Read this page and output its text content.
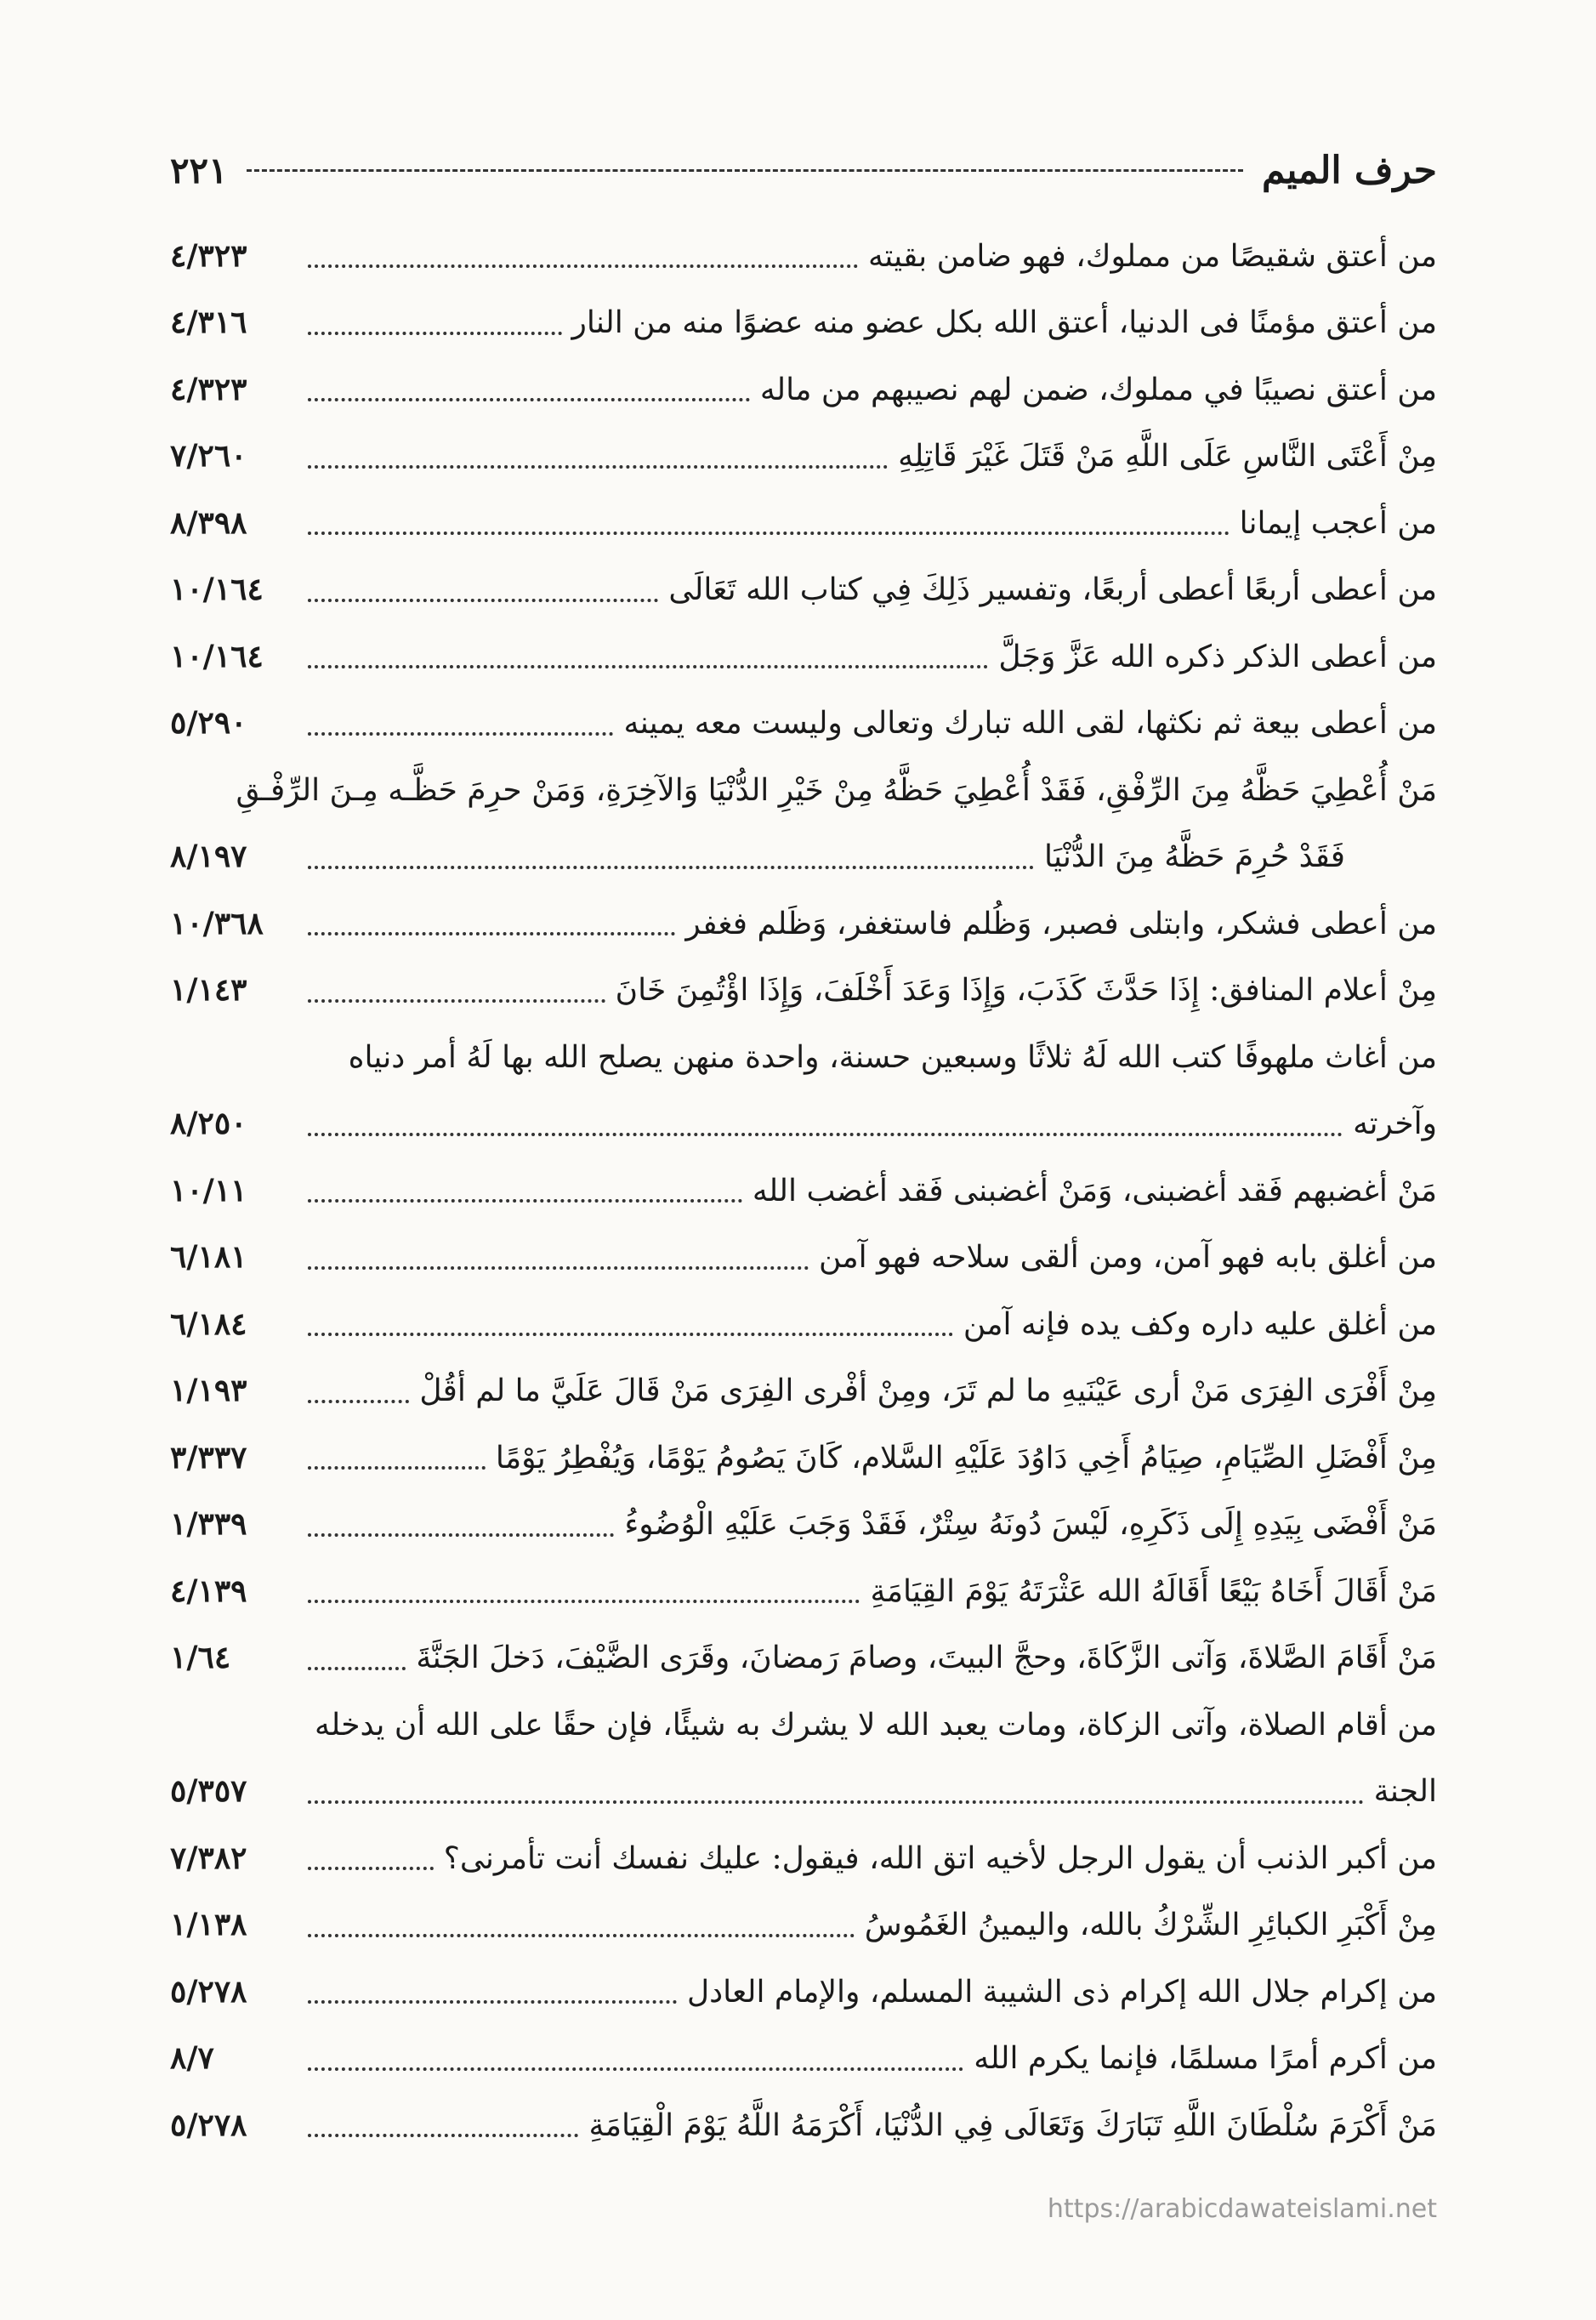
حرف الميم
٢٢١
من أعتق شقيصًا من مملوك، فهو ضامن بقيته
٤/٣٢٣
من أعتق مؤمنًا فى الدنيا، أعتق الله بكل عضو منه عضوًا منه من النار
٤/٣١٦
من أعتق نصيبًا في مملوك، ضمن لهم نصيبهم من ماله
٤/٣٢٣
مِنْ أَعْتَى النَّاسِ عَلَى اللَّهِ مَنْ قَتَلَ غَيْرَ قَاتِلِهِ
٧/٢٦٠
من أعجب إيمانا
٨/٣٩٨
من أعطى أربعًا أعطى أربعًا، وتفسير ذَلِكَ فِي كتاب الله تَعَالَى
١٠/١٦٤
من أعطى الذكر ذكره الله عَزَّ وَجَلَّ
١٠/١٦٤
من أعطى بيعة ثم نكثها، لقى الله تبارك وتعالى وليست معه يمينه
٥/٢٩٠
مَنْ أُعْطِيَ حَظَّهُ مِنَ الرِّفْقِ، فَقَدْ أُعْطِيَ حَظَّهُ مِنْ خَيْرِ الدُّنْيَا وَالآخِرَةِ، وَمَنْ حرِمَ حَظَّـه مِـنَ الرِّفْـقِ
فَقَدْ حُرِمَ حَظَّهُ مِنَ الدُّنْيَا
٨/١٩٧
من أعطى فشكر، وابتلى فصبر، وَظُلم فاستغفر، وَظَلم فغفر
١٠/٣٦٨
مِنْ أعلام المنافق: إِذَا حَدَّثَ كَذَبَ، وَإِذَا وَعَدَ أَخْلَفَ، وَإِذَا اؤْتُمِنَ خَانَ
١/١٤٣
من أغاث ملهوفًا كتب الله لَهُ ثلاثًا وسبعين حسنة، واحدة منهن يصلح الله بها لَهُ أمر دنياه
وآخرته
٨/٢٥٠
مَنْ أغضبهم فَقد أغضبنى، وَمَنْ أغضبنى فَقد أغضب الله
١٠/١١
من أغلق بابه فهو آمن، ومن ألقى سلاحه فهو آمن
٦/١٨١
من أغلق عليه داره وكف يده فإنه آمن
٦/١٨٤
مِنْ أَفْرَى الفِرَى مَنْ أرى عَيْنَيهِ ما لم تَرَ، ومِنْ أفْرى الفِرَى مَنْ قَالَ عَلَيَّ ما لم أقُلْ
١/١٩٣
مِنْ أَفْضَلِ الصِّيَامِ، صِيَامُ أَخِي دَاوُدَ عَلَيْهِ السَّلام، كَانَ يَصُومُ يَوْمًا، وَيُفْطِرُ يَوْمًا
٣/٣٣٧
مَنْ أَفْضَى بِيَدِهِ إِلَى ذَكَرِهِ، لَيْسَ دُونَهُ سِتْرٌ، فَقَدْ وَجَبَ عَلَيْهِ الْوُضُوءُ
١/٣٣٩
مَنْ أَقَالَ أَخَاهُ بَيْعًا أَقَالَهُ الله عَثْرَتَهُ يَوْمَ القِيَامَةِ
٤/١٣٩
مَنْ أَقَامَ الصَّلاةَ، وَآتى الزَّكَاةَ، وحجَّ البيتَ، وصامَ رَمضانَ، وقَرَى الضَّيْفَ، دَخلَ الجَنَّةَ
١/٦٤
من أقام الصلاة، وآتى الزكاة، ومات يعبد الله لا يشرك به شيئًا، فإن حقًا على الله أن يدخله
الجنة
٥/٣٥٧
من أكبر الذنب أن يقول الرجل لأخيه اتق الله، فيقول: عليك نفسك أنت تأمرنى؟
٧/٣٨٢
مِنْ أَكْبَرِ الكبائِرِ الشِّرْكُ بالله، واليمينُ الغَمُوسُ
١/١٣٨
من إكرام جلال الله إكرام ذى الشيبة المسلم، والإمام العادل
٥/٢٧٨
من أكرم أمرًا مسلمًا، فإنما يكرم الله
٨/٧
مَنْ أَكْرَمَ سُلْطَانَ اللَّهِ تَبَارَكَ وَتَعَالَى فِي الدُّنْيَا، أَكْرَمَهُ اللَّهُ يَوْمَ الْقِيَامَةِ
٥/٢٧٨
https://arabicdawateislami.net
